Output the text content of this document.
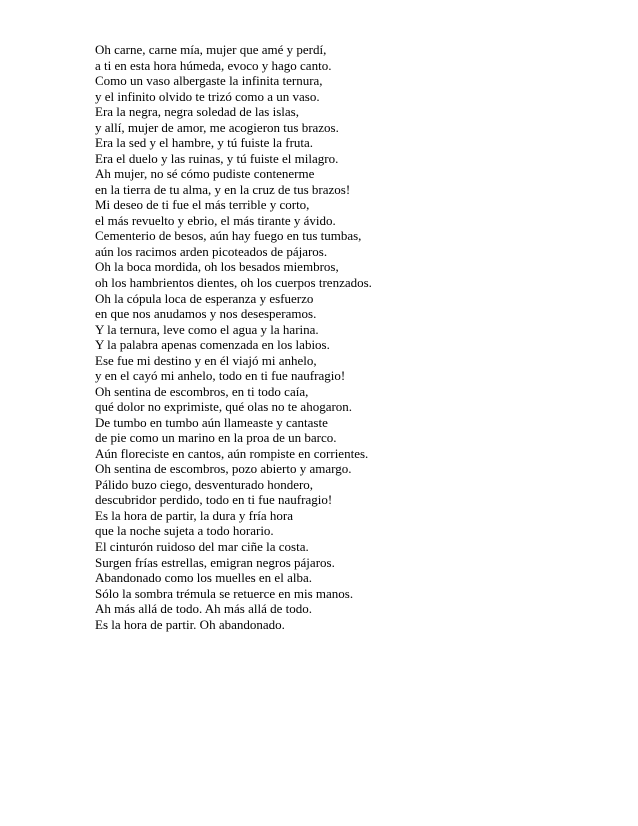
Oh carne, carne mía, mujer que amé y perdí,
a ti en esta hora húmeda, evoco y hago canto.
Como un vaso albergaste la infinita ternura,
y el infinito olvido te trizó como a un vaso.
Era la negra, negra soledad de las islas,
y allí, mujer de amor, me acogieron tus brazos.
Era la sed y el hambre, y tú fuiste la fruta.
Era el duelo y las ruinas, y tú fuiste el milagro.
Ah mujer, no sé cómo pudiste contenerme
en la tierra de tu alma, y en la cruz de tus brazos!
Mi deseo de ti fue el más terrible y corto,
el más revuelto y ebrio, el más tirante y ávido.
Cementerio de besos, aún hay fuego en tus tumbas,
aún los racimos arden picoteados de pájaros.
Oh la boca mordida, oh los besados miembros,
oh los hambrientos dientes, oh los cuerpos trenzados.
Oh la cópula loca de esperanza y esfuerzo
en que nos anudamos y nos desesperamos.
Y la ternura, leve como el agua y la harina.
Y la palabra apenas comenzada en los labios.
Ese fue mi destino y en él viajó mi anhelo,
y en el cayó mi anhelo, todo en ti fue naufragio!
Oh sentina de escombros, en ti todo caía,
qué dolor no exprimiste, qué olas no te ahogaron.
De tumbo en tumbo aún llameaste y cantaste
de pie como un marino en la proa de un barco.
Aún floreciste en cantos, aún rompiste en corrientes.
Oh sentina de escombros, pozo abierto y amargo.
Pálido buzo ciego, desventurado hondero,
descubridor perdido, todo en ti fue naufragio!
Es la hora de partir, la dura y fría hora
que la noche sujeta a todo horario.
El cinturón ruidoso del mar ciñe la costa.
Surgen frías estrellas, emigran negros pájaros.
Abandonado como los muelles en el alba.
Sólo la sombra trémula se retuerce en mis manos.
Ah más allá de todo. Ah más allá de todo.
Es la hora de partir. Oh abandonado.
